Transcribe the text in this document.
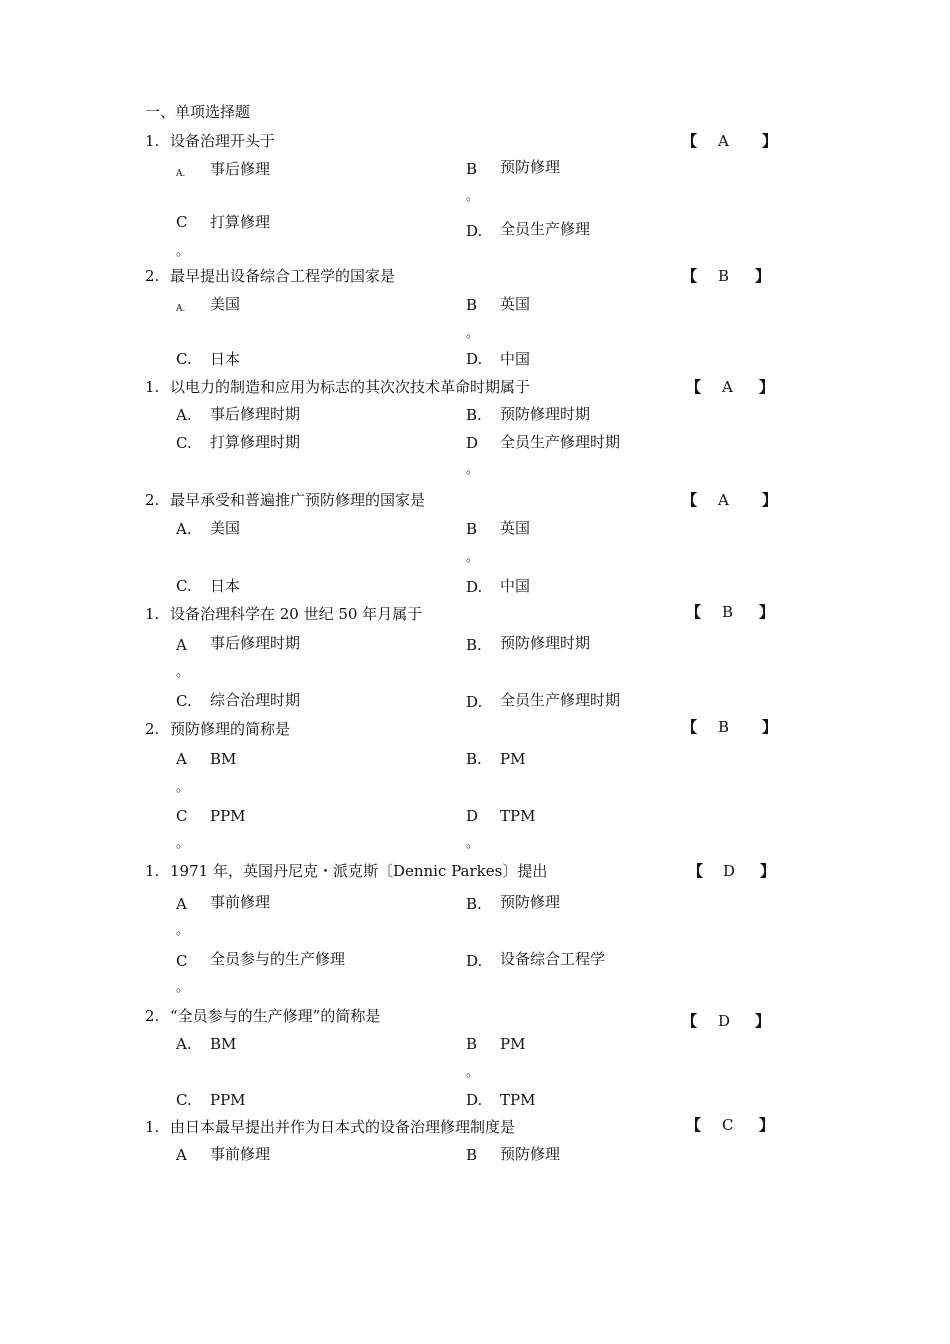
一、单项选择题
1. 设备治理开头于	【 A 】
A. 事后修理	B 预防修理
。
C 打算修理	D. 全员生产修理
。
2. 最早提出设备综合工程学的国家是	【 B 】
A. 美国	B 英国
。
C. 日本	D. 中国
1. 以电力的制造和应用为标志的其次次技术革命时期属于	【 A 】
A. 事后修理时期	B. 预防修理时期
C. 打算修理时期	D 全员生产修理时期
。
2. 最早承受和普遍推广预防修理的国家是	【 A 】
A. 美国	B 英国
。
C. 日本	D. 中国
1. 设备治理科学在 20 世纪 50 年月属于	【 B 】
A 事后修理时期	B. 预防修理时期
。
C. 综合治理时期	D. 全员生产修理时期
2. 预防修理的简称是	【 B 】
A BM	B. PM
。
C PPM	D TPM
。	。
1. 1971 年，英国丹尼克・派克斯〔Dennic Parkes〕提出	【 D 】
A 事前修理	B. 预防修理
。
C 全员参与的生产修理	D. 设备综合工程学
。
2. “全员参与的生产修理”的简称是	【 D 】
A. BM	B PM
。
C. PPM	D. TPM
1. 由日本最早提出并作为日本式的设备治理修理制度是	【 C 】
A 事前修理	B 预防修理
